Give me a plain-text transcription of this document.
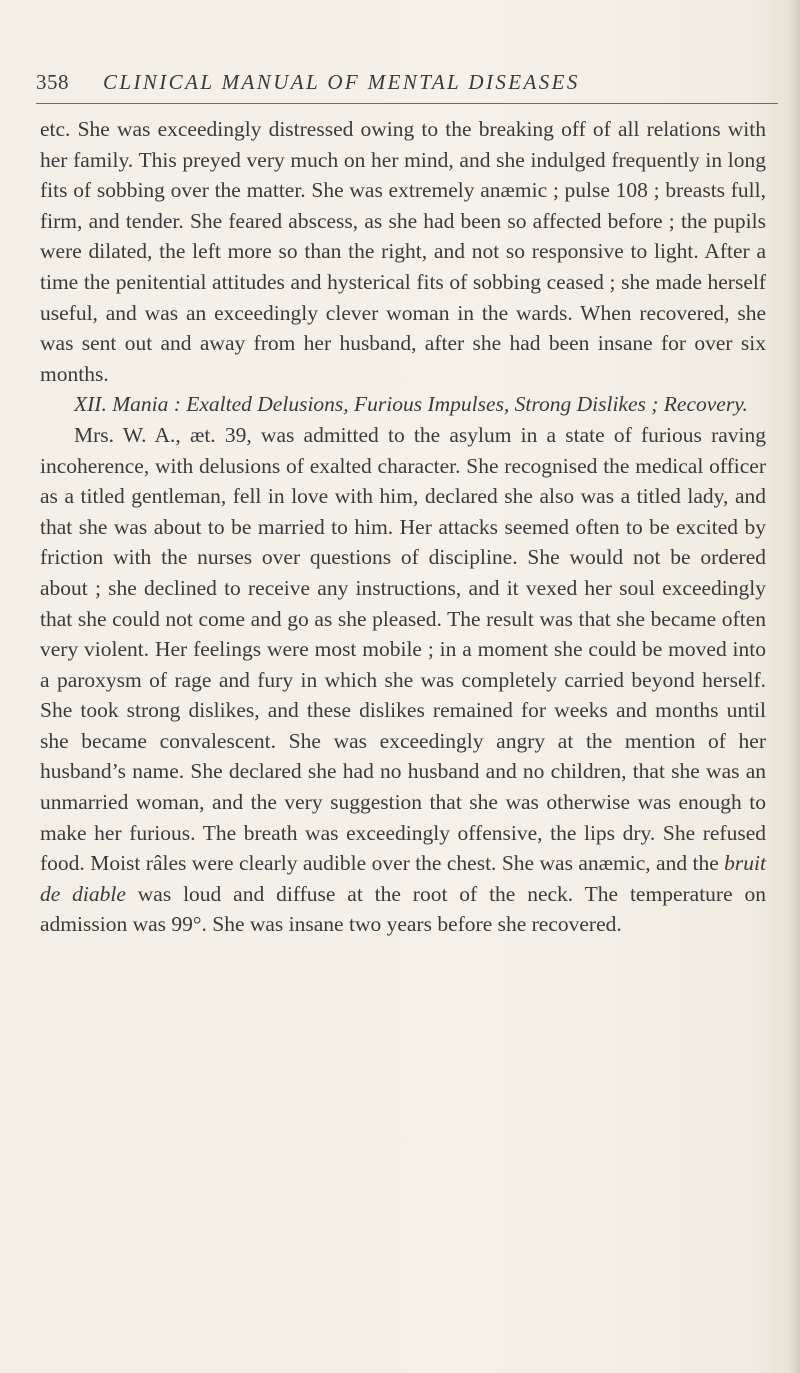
358 CLINICAL MANUAL OF MENTAL DISEASES

etc. She was exceedingly distressed owing to the breaking off of all relations with her family. This preyed very much on her mind, and she indulged frequently in long fits of sobbing over the matter. She was extremely anæmic ; pulse 108 ; breasts full, firm, and tender. She feared abscess, as she had been so affected before ; the pupils were dilated, the left more so than the right, and not so responsive to light. After a time the penitential attitudes and hysterical fits of sobbing ceased ; she made herself useful, and was an exceedingly clever woman in the wards. When recovered, she was sent out and away from her husband, after she had been insane for over six months.

XII. Mania : Exalted Delusions, Furious Impulses, Strong Dislikes ; Recovery.

Mrs. W. A., æt. 39, was admitted to the asylum in a state of furious raving incoherence, with delusions of exalted character. She recognised the medical officer as a titled gentleman, fell in love with him, declared she also was a titled lady, and that she was about to be married to him. Her attacks seemed often to be excited by friction with the nurses over questions of discipline. She would not be ordered about ; she declined to receive any instructions, and it vexed her soul exceedingly that she could not come and go as she pleased. The result was that she became often very violent. Her feelings were most mobile ; in a moment she could be moved into a paroxysm of rage and fury in which she was completely carried beyond herself. She took strong dislikes, and these dislikes remained for weeks and months until she became convalescent. She was exceedingly angry at the mention of her husband’s name. She declared she had no husband and no children, that she was an unmarried woman, and the very suggestion that she was otherwise was enough to make her furious. The breath was exceedingly offensive, the lips dry. She refused food. Moist râles were clearly audible over the chest. She was anæmic, and the bruit de diable was loud and diffuse at the root of the neck. The temperature on admission was 99°. She was insane two years before she recovered.
